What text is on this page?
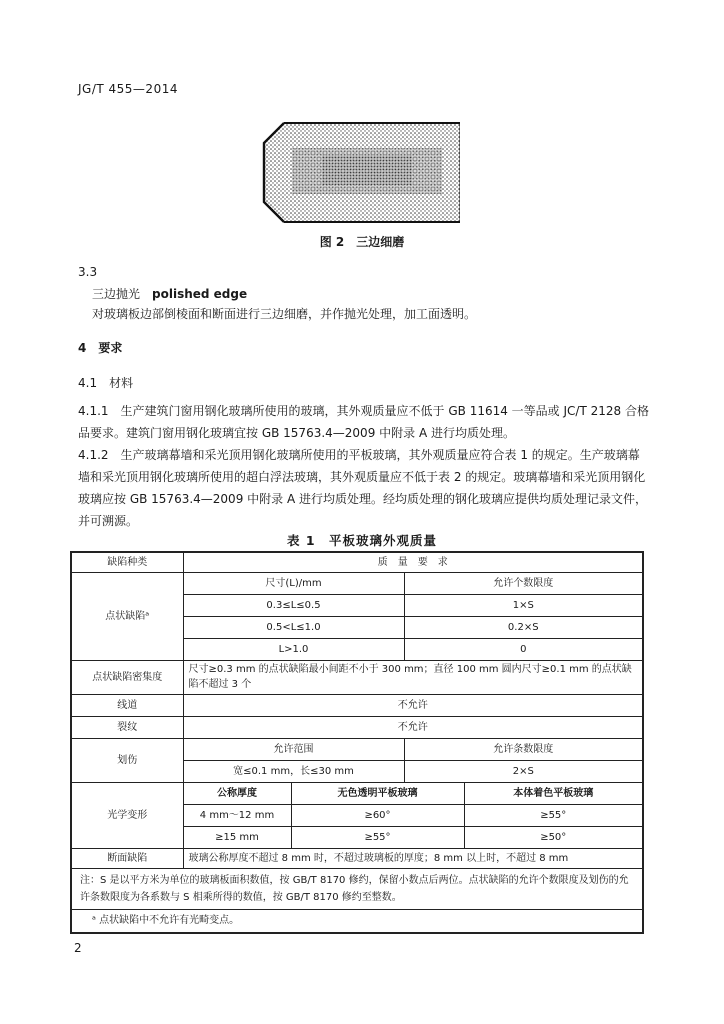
JG/T 455—2014
图 2　三边细磨
3.3
三边抛光 polished edge
对玻璃板边部倒棱面和断面进行三边细磨，并作抛光处理，加工面透明。
4　要求
4.1　材料
4.1.1　生产建筑门窗用钢化玻璃所使用的玻璃，其外观质量应不低于 GB 11614 一等品或 JC/T 2128 合格品要求。建筑门窗用钢化玻璃宜按 GB 15763.4—2009 中附录 A 进行均质处理。
4.1.2　生产玻璃幕墙和采光顶用钢化玻璃所使用的平板玻璃，其外观质量应符合表 1 的规定。生产玻璃幕墙和采光顶用钢化玻璃所使用的超白浮法玻璃，其外观质量应不低于表 2 的规定。玻璃幕墙和采光顶用钢化玻璃应按 GB 15763.4—2009 中附录 A 进行均质处理。经均质处理的钢化玻璃应提供均质处理记录文件，并可溯源。
表 1　平板玻璃外观质量
缺陷种类	质　量　要　求			
点状缺陷ᵃ	尺寸(L)/mm		允许个数限度	
	0.3≤L≤0.5		1×S	
	0.5<L≤1.0		0.2×S	
	L>1.0		0	
点状缺陷密集度	尺寸≥0.3 mm 的点状缺陷最小间距不小于 300 mm；直径 100 mm 圆内尺寸≥0.1 mm 的点状缺陷不超过 3 个			
线道	不允许			
裂纹	不允许			
划伤	允许范围		允许条数限度	
	宽≤0.1 mm，长≤30 mm		2×S	
光学变形	公称厚度	无色透明平板玻璃		本体着色平板玻璃
	4 mm～12 mm	≥60°		≥55°
	≥15 mm	≥55°		≥50°
断面缺陷	玻璃公称厚度不超过 8 mm 时，不超过玻璃板的厚度；8 mm 以上时，不超过 8 mm			
注：S 是以平方米为单位的玻璃板面积数值，按 GB/T 8170 修约，保留小数点后两位。点状缺陷的允许个数限度及划伤的允许条数限度为各系数与 S 相乘所得的数值，按 GB/T 8170 修约至整数。				
ᵃ 点状缺陷中不允许有光畸变点。				
2
